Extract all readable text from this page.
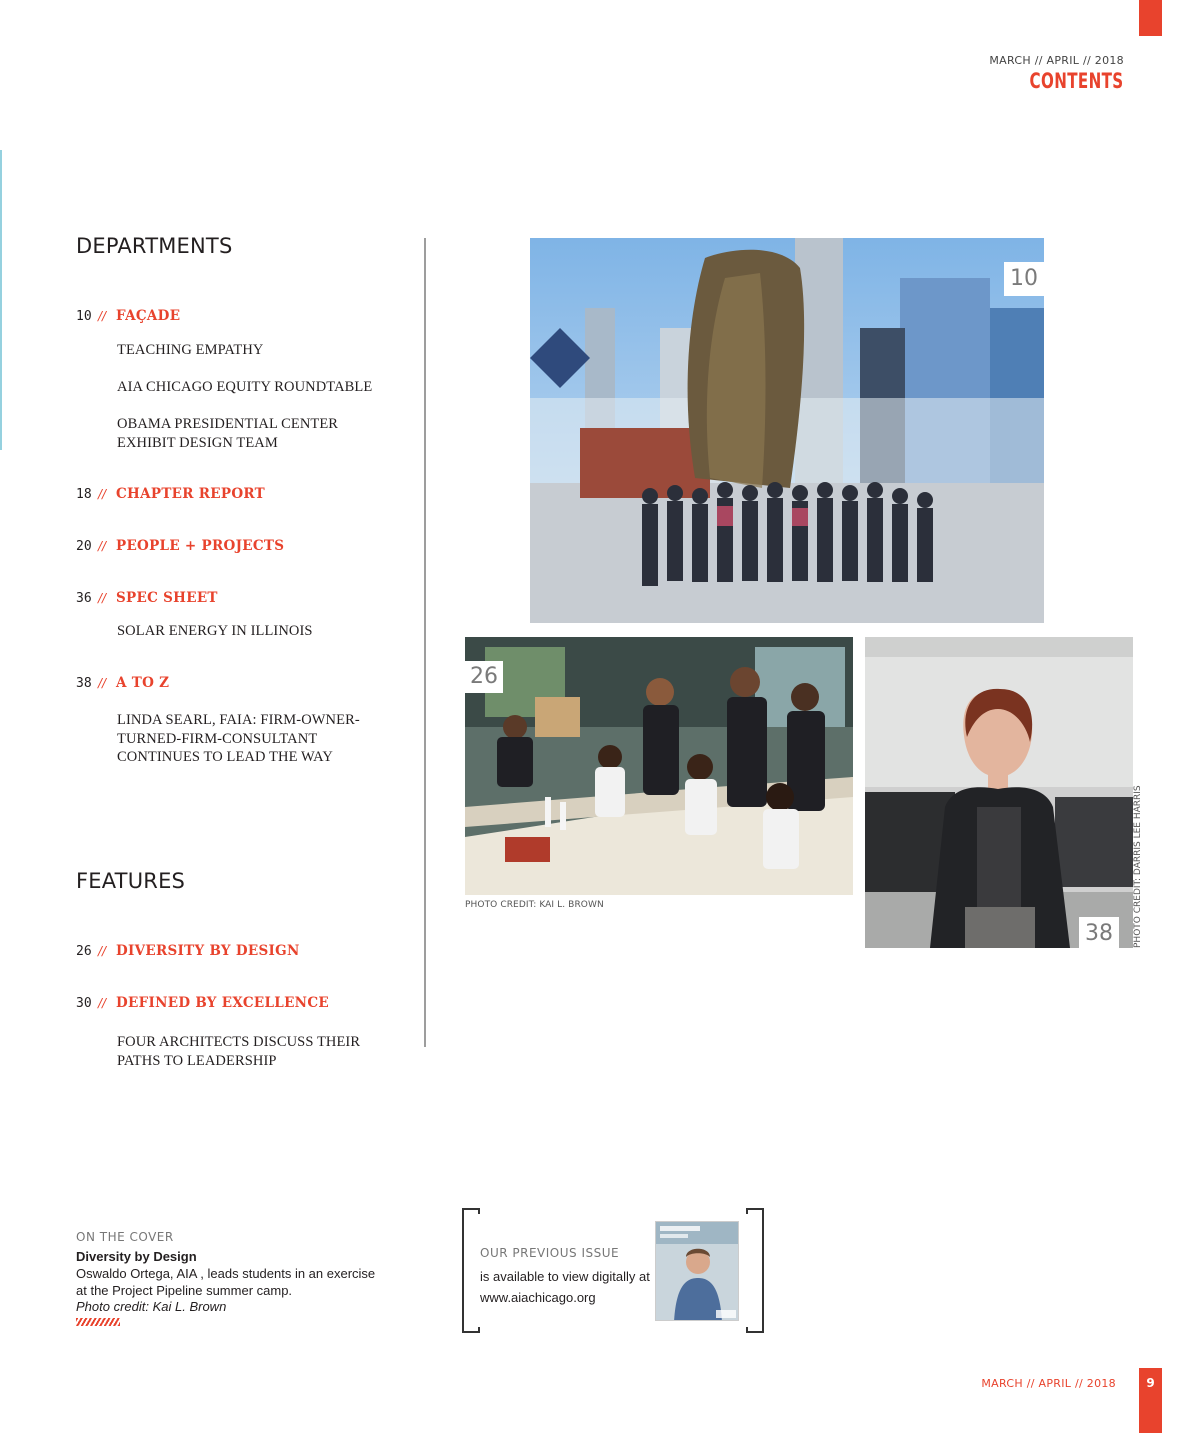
MARCH // APRIL // 2018
CONTENTS
DEPARTMENTS
10 // FAÇADE
TEACHING EMPATHY
AIA CHICAGO EQUITY ROUNDTABLE
OBAMA PRESIDENTIAL CENTER
EXHIBIT DESIGN TEAM
18 // CHAPTER REPORT
20 // PEOPLE + PROJECTS
36 // SPEC SHEET
SOLAR ENERGY IN ILLINOIS
38 // A TO Z
LINDA SEARL, FAIA: FIRM-OWNER-
TURNED-FIRM-CONSULTANT
CONTINUES TO LEAD THE WAY
FEATURES
26 // DIVERSITY BY DESIGN
30 // DEFINED BY EXCELLENCE
FOUR ARCHITECTS DISCUSS THEIR
PATHS TO LEADERSHIP
10
26
PHOTO CREDIT: KAI L. BROWN
38	PHOTO CREDIT: DARRIS LEE HARRIS
ON THE COVER
Diversity by Design
Oswaldo Ortega, AIA , leads students in an exercise at the Project Pipeline summer camp.
Photo credit: Kai L. Brown
OUR PREVIOUS ISSUE
is available to view digitally at www.aiachicago.org
MARCH // APRIL // 2018	9
